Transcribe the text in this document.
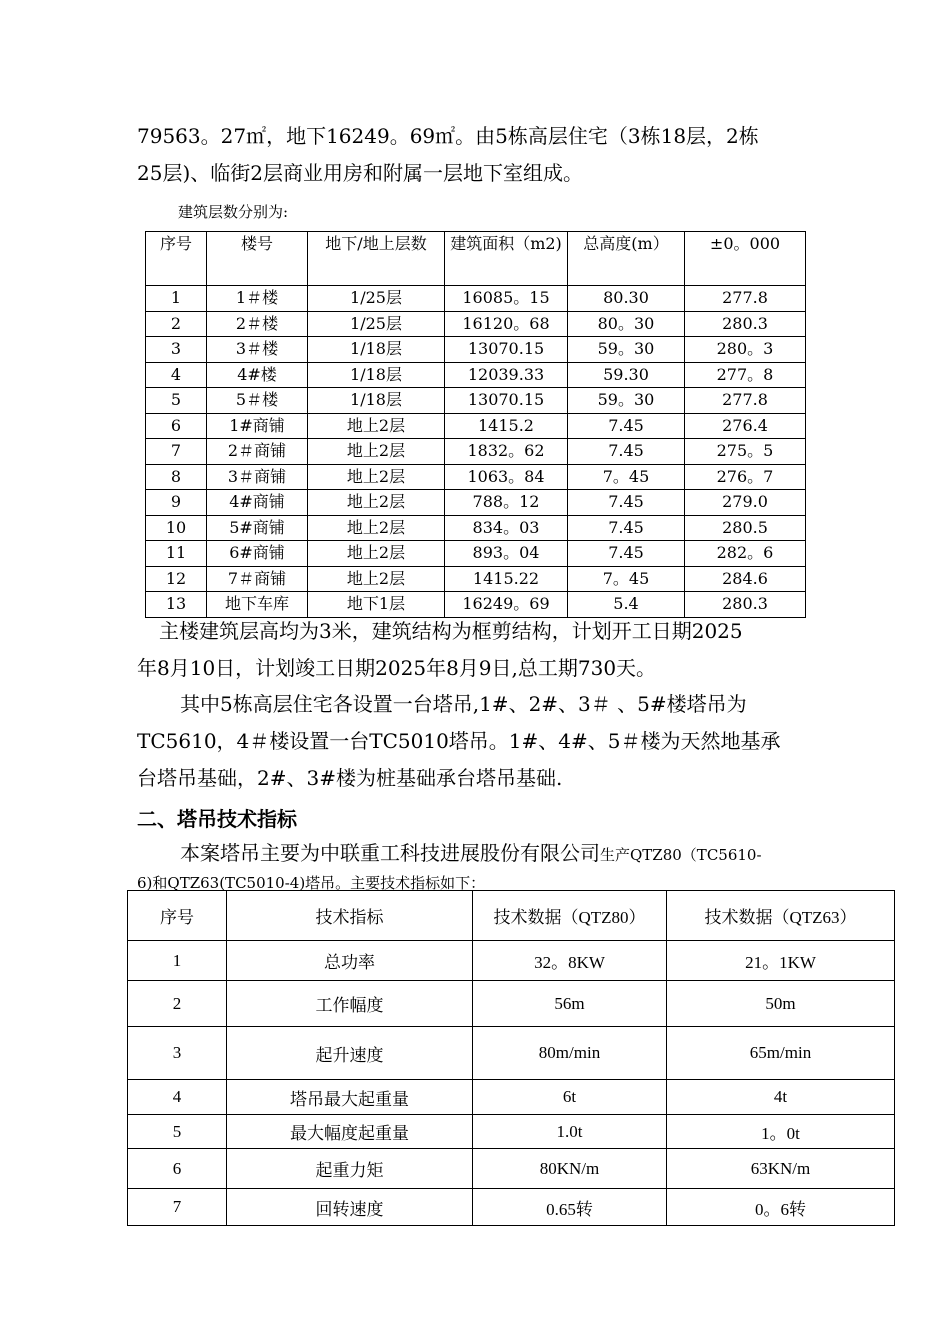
79563。27㎡，地下16249。69㎡。由5栋高层住宅（3栋18层，2栋
25层)、临街2层商业用房和附属一层地下室组成。

建筑层数分别为:

序号	楼号	地下/地上层数	建筑面积（m2)	总高度(m）	±0。000
1	1＃楼	1/25层	16085。15	80.30	277.8
2	2＃楼	1/25层	16120。68	80。30	280.3
3	3＃楼	1/18层	13070.15	59。30	280。3
4	4#楼	1/18层	12039.33	59.30	277。8
5	5＃楼	1/18层	13070.15	59。30	277.8
6	1#商铺	地上2层	1415.2	7.45	276.4
7	2＃商铺	地上2层	1832。62	7.45	275。5
8	3＃商铺	地上2层	1063。84	7。45	276。7
9	4#商铺	地上2层	788。12	7.45	279.0
10	5#商铺	地上2层	834。03	7.45	280.5
11	6#商铺	地上2层	893。04	7.45	282。6
12	7＃商铺	地上2层	1415.22	7。45	284.6
13	地下车库	地下1层	16249。69	5.4	280.3

主楼建筑层高均为3米，建筑结构为框剪结构，计划开工日期2025
年8月10日，计划竣工日期2025年8月9日,总工期730天。

其中5栋高层住宅各设置一台塔吊,1#、2#、3＃ 、5#楼塔吊为
TC5610，4＃楼设置一台TC5010塔吊。1#、4#、5＃楼为天然地基承
台塔吊基础，2#、3#楼为桩基础承台塔吊基础.

二、塔吊技术指标

本案塔吊主要为中联重工科技进展股份有限公司生产QTZ80（TC5610-
6)和QTZ63(TC5010-4)塔吊。主要技术指标如下：
序号	技术指标	技术数据（QTZ80）	技术数据（QTZ63）
1	总功率	32。8KW	21。1KW
2	工作幅度	56m	50m
3	起升速度	80m/min	65m/min
4	塔吊最大起重量	6t	4t
5	最大幅度起重量	1.0t	1。0t
6	起重力矩	80KN/m	63KN/m
7	回转速度	0.65转	0。6转
